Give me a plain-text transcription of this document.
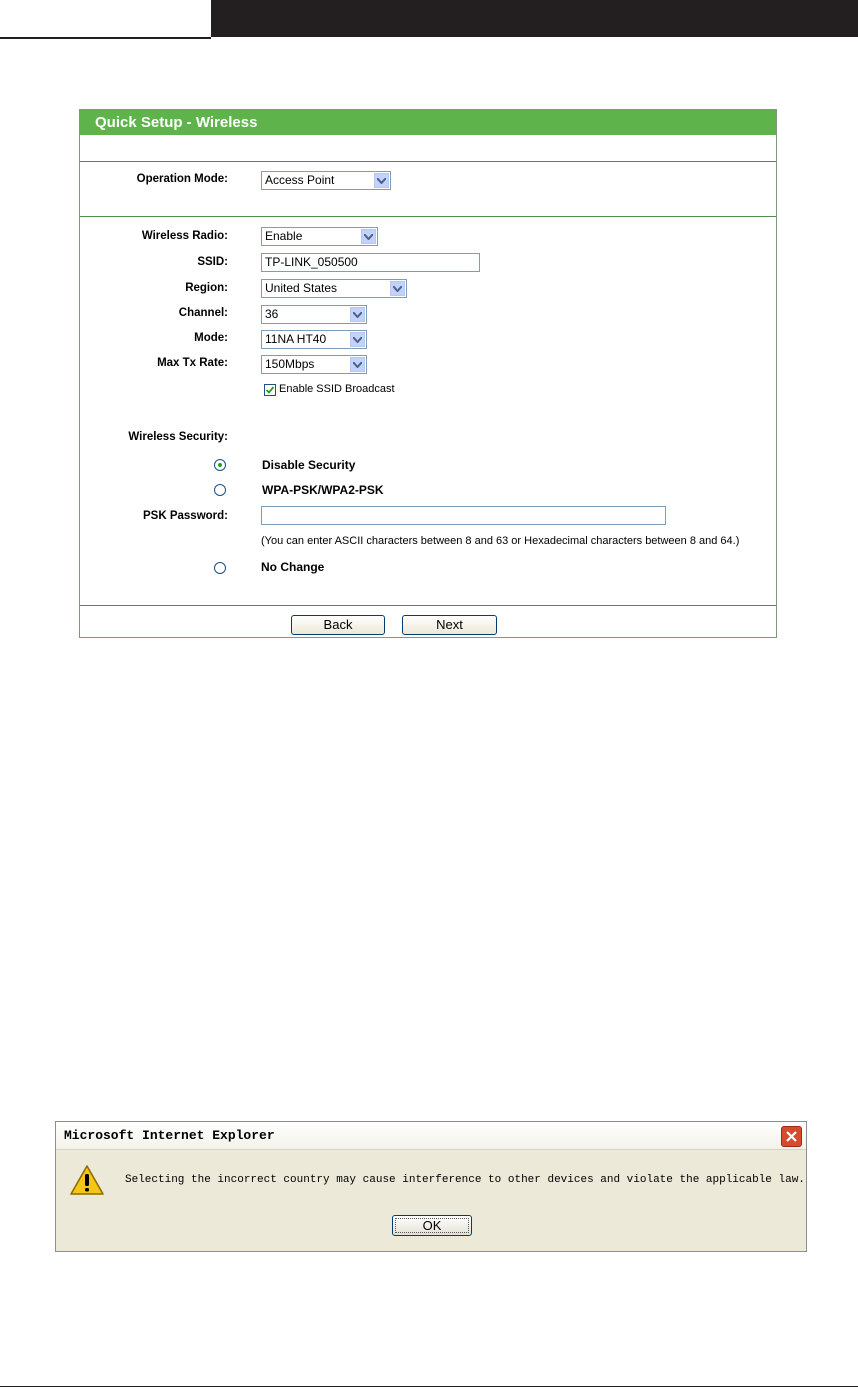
Quick Setup - Wireless
Operation Mode:	Access Point
Wireless Radio:	Enable
SSID:	TP-LINK_050500
Region:	United States
Channel:	36
Mode:	11NA HT40
Max Tx Rate:	150Mbps
Enable SSID Broadcast
Wireless Security:
Disable Security
WPA-PSK/WPA2-PSK
PSK Password:
(You can enter ASCII characters between 8 and 63 or Hexadecimal characters between 8 and 64.)
No Change
Back	Next
Microsoft Internet Explorer
Selecting the incorrect country may cause interference to other devices and violate the applicable law.
OK
